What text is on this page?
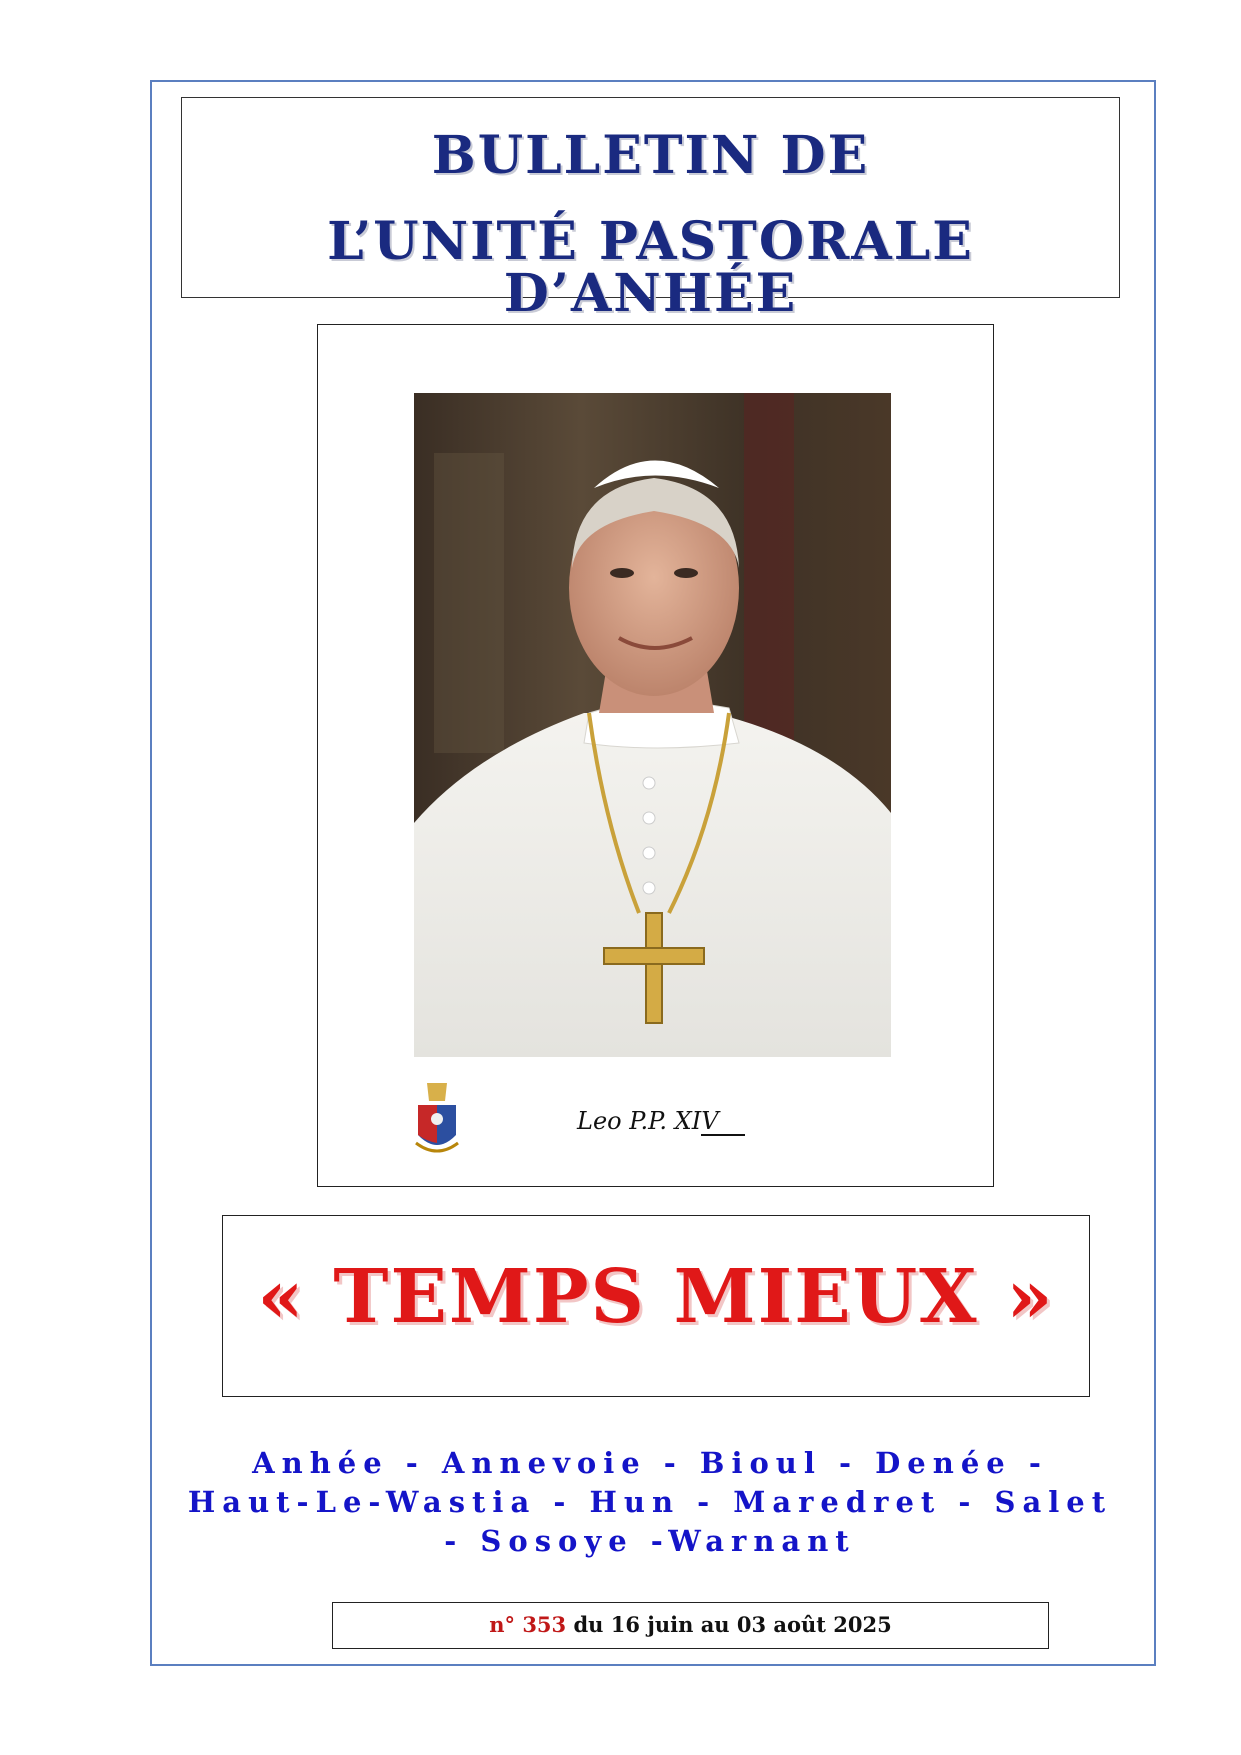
BULLETIN DE
L’UNITÉ PASTORALE D’ANHÉE
Leo P.P. XIV
« TEMPS MIEUX »
Anhée - Annevoie - Bioul - Denée -
Haut-Le-Wastia - Hun - Maredret - Salet
- Sosoye -Warnant
n° 353 du 16 juin au 03 août 2025
